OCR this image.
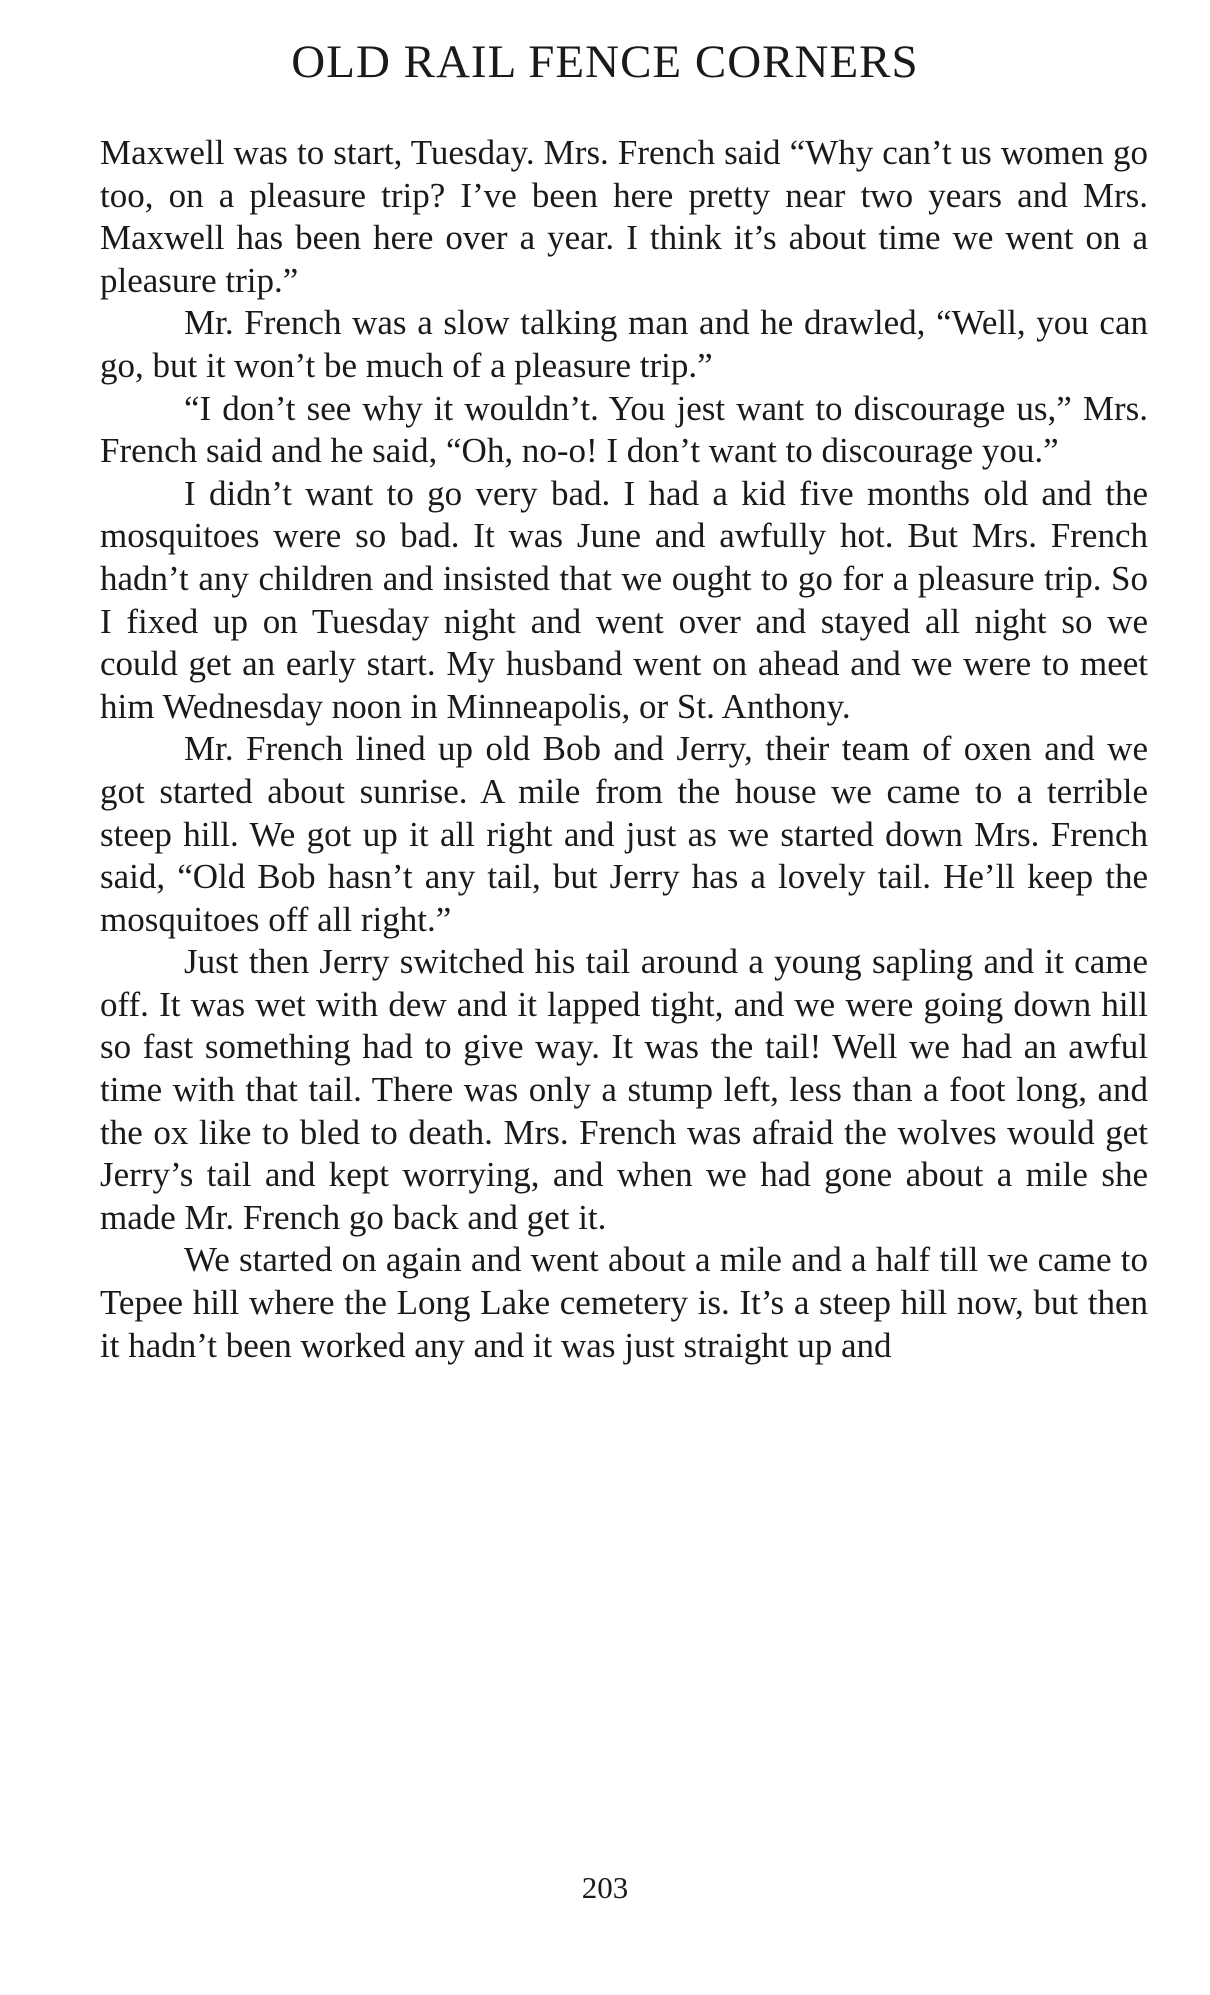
OLD RAIL FENCE CORNERS

Maxwell was to start, Tuesday. Mrs. French said “Why can’t us women go too, on a pleasure trip? I’ve been here pretty near two years and Mrs. Maxwell has been here over a year. I think it’s about time we went on a pleasure trip.”

Mr. French was a slow talking man and he drawled, “Well, you can go, but it won’t be much of a pleasure trip.”

“I don’t see why it wouldn’t. You jest want to discourage us,” Mrs. French said and he said, “Oh, no-o! I don’t want to discourage you.”

I didn’t want to go very bad. I had a kid five months old and the mosquitoes were so bad. It was June and awfully hot. But Mrs. French hadn’t any children and insisted that we ought to go for a pleasure trip. So I fixed up on Tuesday night and went over and stayed all night so we could get an early start. My husband went on ahead and we were to meet him Wednesday noon in Minneapolis, or St. Anthony.

Mr. French lined up old Bob and Jerry, their team of oxen and we got started about sunrise. A mile from the house we came to a terrible steep hill. We got up it all right and just as we started down Mrs. French said, “Old Bob hasn’t any tail, but Jerry has a lovely tail. He’ll keep the mosquitoes off all right.”

Just then Jerry switched his tail around a young sapling and it came off. It was wet with dew and it lapped tight, and we were going down hill so fast something had to give way. It was the tail! Well we had an awful time with that tail. There was only a stump left, less than a foot long, and the ox like to bled to death. Mrs. French was afraid the wolves would get Jerry’s tail and kept worrying, and when we had gone about a mile she made Mr. French go back and get it.

We started on again and went about a mile and a half till we came to Tepee hill where the Long Lake cemetery is. It’s a steep hill now, but then it hadn’t been worked any and it was just straight up and

203
